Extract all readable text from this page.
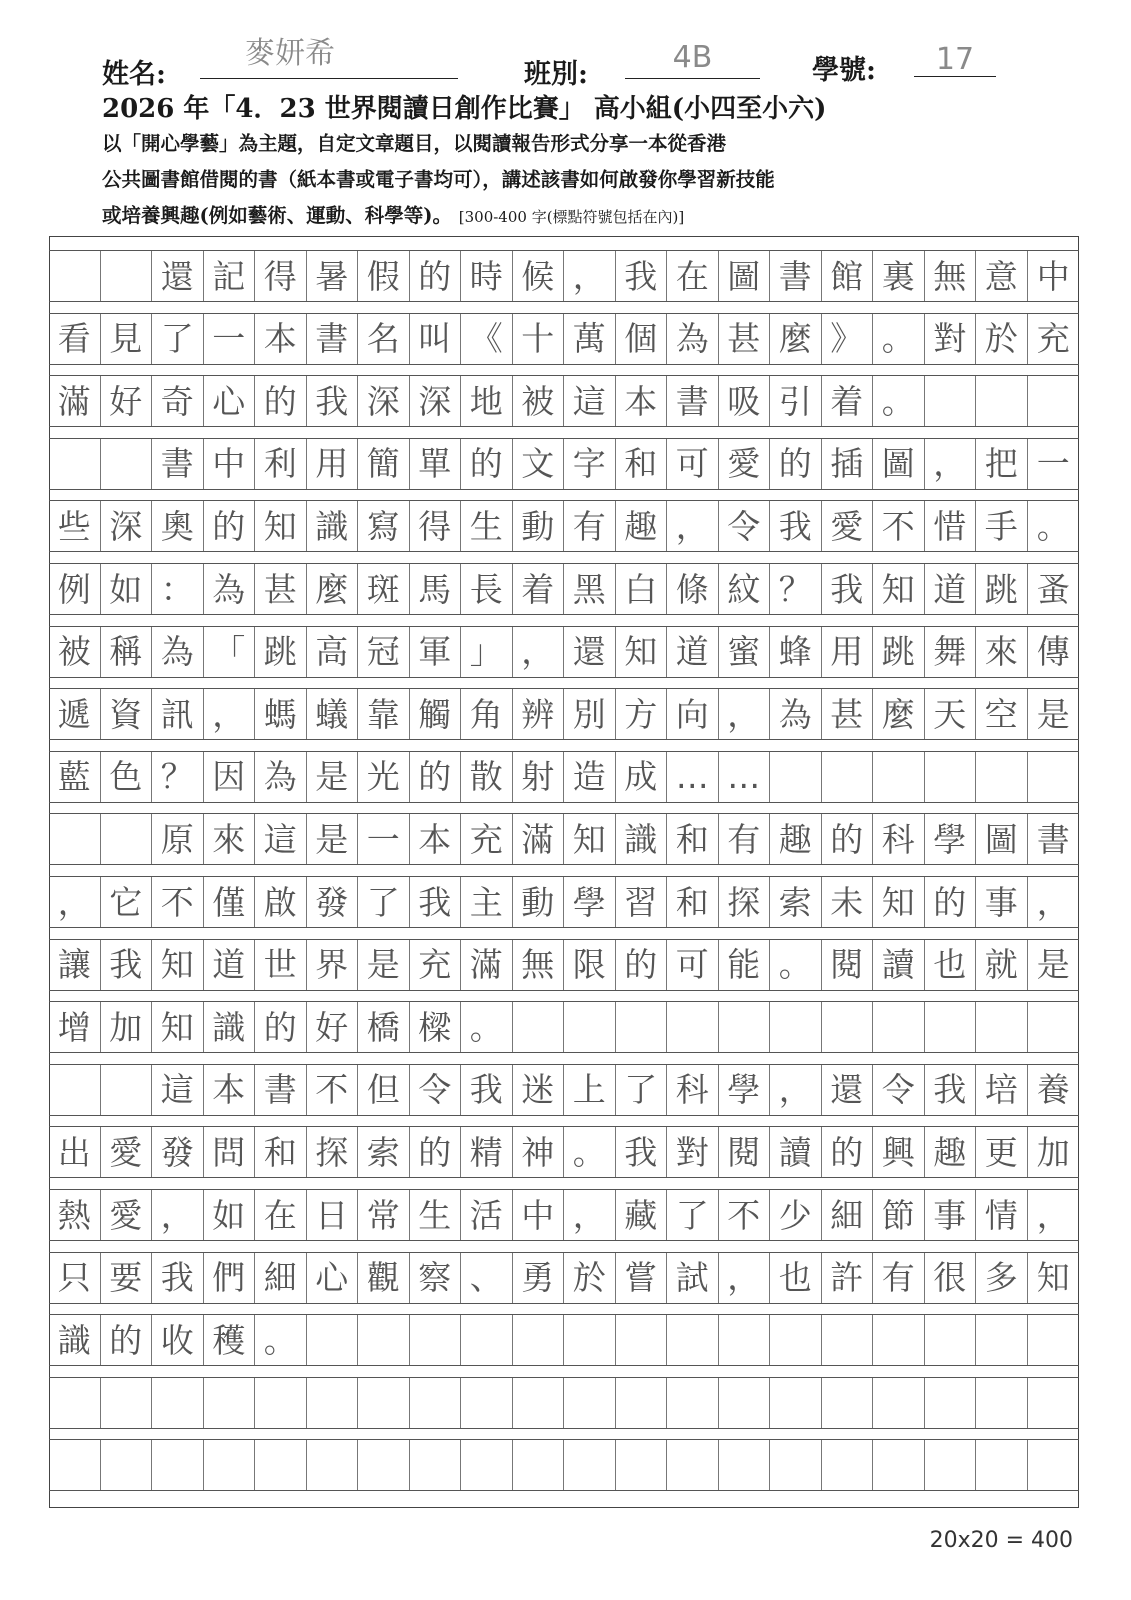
姓名:
麥妍希
班別:	4B	學號:	17
2026 年「4．23 世界閱讀日創作比賽」 高小組(小四至小六)
以「開心學藝」為主題，自定文章題目，以閱讀報告形式分享一本從香港
公共圖書館借閱的書（紙本書或電子書均可），講述該書如何啟發你學習新技能
或培養興趣(例如藝術、運動、科學等)。 [300-400 字(標點符號包括在內)]
還 記 得 暑 假 的 時 候 ， 我 在 圖 書 館 裏 無 意 中
看 見 了 一 本 書 名 叫 《 十 萬 個 為 甚 麼 》 。 對 於 充
滿 好 奇 心 的 我 深 深 地 被 這 本 書 吸 引 着 。
書 中 利 用 簡 單 的 文 字 和 可 愛 的 插 圖 ， 把 一
些 深 奧 的 知 識 寫 得 生 動 有 趣 ， 令 我 愛 不 惜 手 。
例 如 ： 為 甚 麼 斑 馬 長 着 黑 白 條 紋 ？ 我 知 道 跳 蚤
被 稱 為 「 跳 高 冠 軍 」 ， 還 知 道 蜜 蜂 用 跳 舞 來 傳
遞 資 訊 ， 螞 蟻 靠 觸 角 辨 別 方 向 ， 為 甚 麼 天 空 是
藍 色 ？ 因 為 是 光 的 散 射 造 成 … …
原 來 這 是 一 本 充 滿 知 識 和 有 趣 的 科 學 圖 書
， 它 不 僅 啟 發 了 我 主 動 學 習 和 探 索 未 知 的 事 ，
讓 我 知 道 世 界 是 充 滿 無 限 的 可 能 。 閱 讀 也 就 是
增 加 知 識 的 好 橋 樑 。
這 本 書 不 但 令 我 迷 上 了 科 學 ， 還 令 我 培 養
出 愛 發 問 和 探 索 的 精 神 。 我 對 閱 讀 的 興 趣 更 加
熱 愛 ， 如 在 日 常 生 活 中 ， 藏 了 不 少 細 節 事 情 ，
只 要 我 們 細 心 觀 察 、 勇 於 嘗 試 ， 也 許 有 很 多 知
識 的 收 穫 。
20x20 = 400
